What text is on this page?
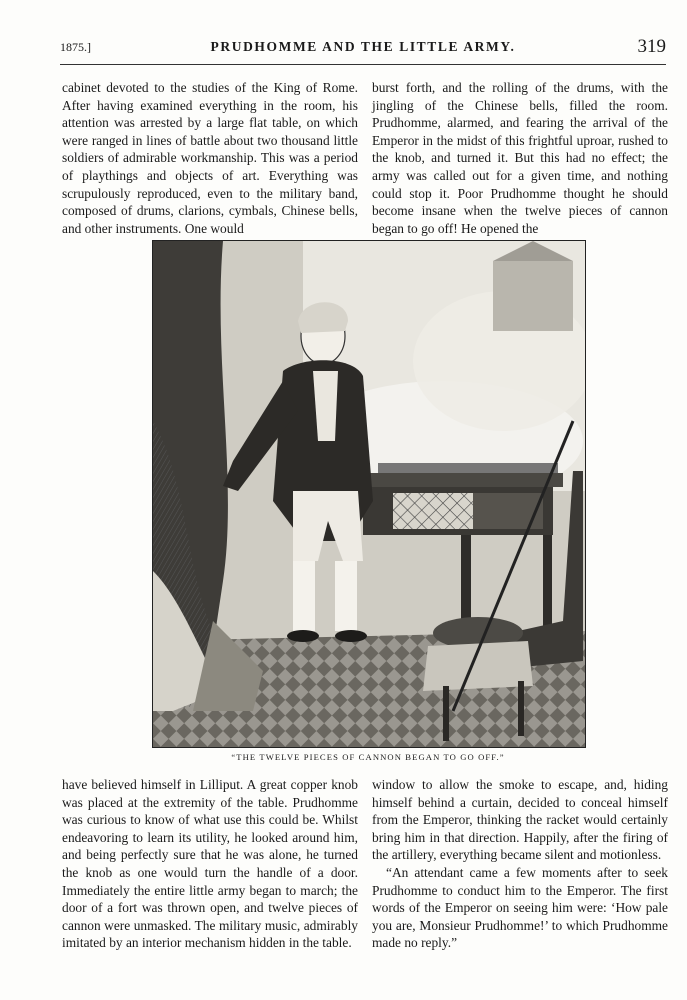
1875.]	PRUDHOMME AND THE LITTLE ARMY.	319

cabinet devoted to the studies of the King of Rome. After having examined everything in the room, his attention was arrested by a large flat table, on which were ranged in lines of battle about two thousand little soldiers of admirable workmanship. This was a period of playthings and objects of art. Everything was scrupulously reproduced, even to the military band, composed of drums, clarions, cymbals, Chinese bells, and other instruments. One would

burst forth, and the rolling of the drums, with the jingling of the Chinese bells, filled the room. Prudhomme, alarmed, and fearing the arrival of the Emperor in the midst of this frightful uproar, rushed to the knob, and turned it. But this had no effect; the army was called out for a given time, and nothing could stop it. Poor Prudhomme thought he should become insane when the twelve pieces of cannon began to go off! He opened the

“THE TWELVE PIECES OF CANNON BEGAN TO GO OFF.”

have believed himself in Lilliput. A great copper knob was placed at the extremity of the table. Prudhomme was curious to know of what use this could be. Whilst endeavoring to learn its utility, he looked around him, and being perfectly sure that he was alone, he turned the knob as one would turn the handle of a door. Immediately the entire little army began to march; the door of a fort was thrown open, and twelve pieces of cannon were unmasked. The military music, admirably imitated by an interior mechanism hidden in the table.

window to allow the smoke to escape, and, hiding himself behind a curtain, decided to conceal himself from the Emperor, thinking the racket would certainly bring him in that direction. Happily, after the firing of the artillery, everything became silent and motionless.

“An attendant came a few moments after to seek Prudhomme to conduct him to the Emperor. The first words of the Emperor on seeing him were: ‘How pale you are, Monsieur Prudhomme!’ to which Prudhomme made no reply.”
